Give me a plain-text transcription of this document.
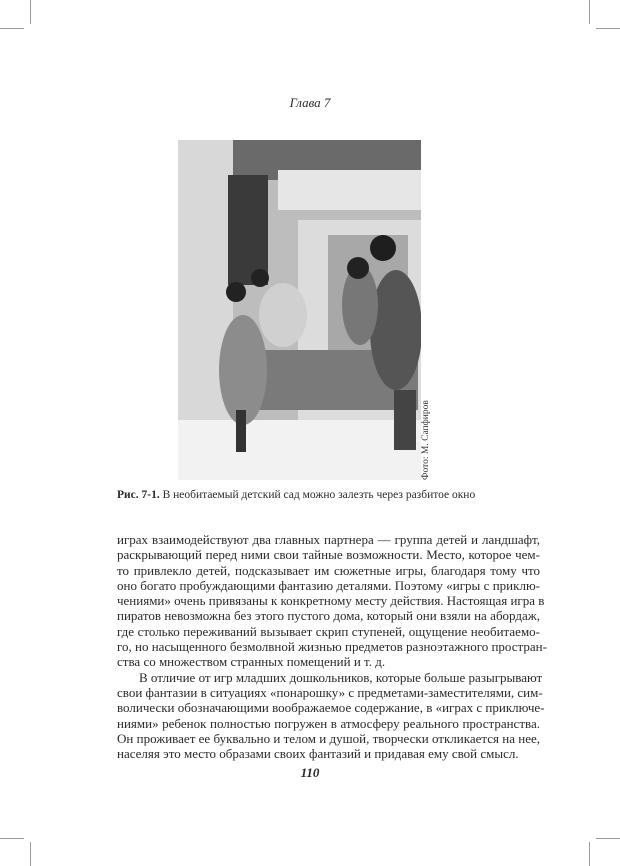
Глава 7
Фото: М. Сапфиров
Рис. 7-1. В необитаемый детский сад можно залезть через разбитое окно
играх взаимодействуют два главных партнера — группа детей и ландшафт,
раскрывающий перед ними свои тайные возможности. Место, которое чем-
то привлекло детей, подсказывает им сюжетные игры, благодаря тому что
оно богато пробуждающими фантазию деталями. Поэтому «игры с приклю-
чениями» очень привязаны к конкретному месту действия. Настоящая игра в
пиратов невозможна без этого пустого дома, который они взяли на абордаж,
где столько переживаний вызывает скрип ступеней, ощущение необитаемо-
го, но насыщенного безмолвной жизнью предметов разноэтажного простран-
ства со множеством странных помещений и т. д.
В отличие от игр младших дошкольников, которые больше разыгрывают
свои фантазии в ситуациях «понарошку» с предметами-заместителями, сим-
волически обозначающими воображаемое содержание, в «играх с приключе-
ниями» ребенок полностью погружен в атмосферу реального пространства.
Он проживает ее буквально и телом и душой, творчески откликается на нее,
населяя это место образами своих фантазий и придавая ему свой смысл.
110
